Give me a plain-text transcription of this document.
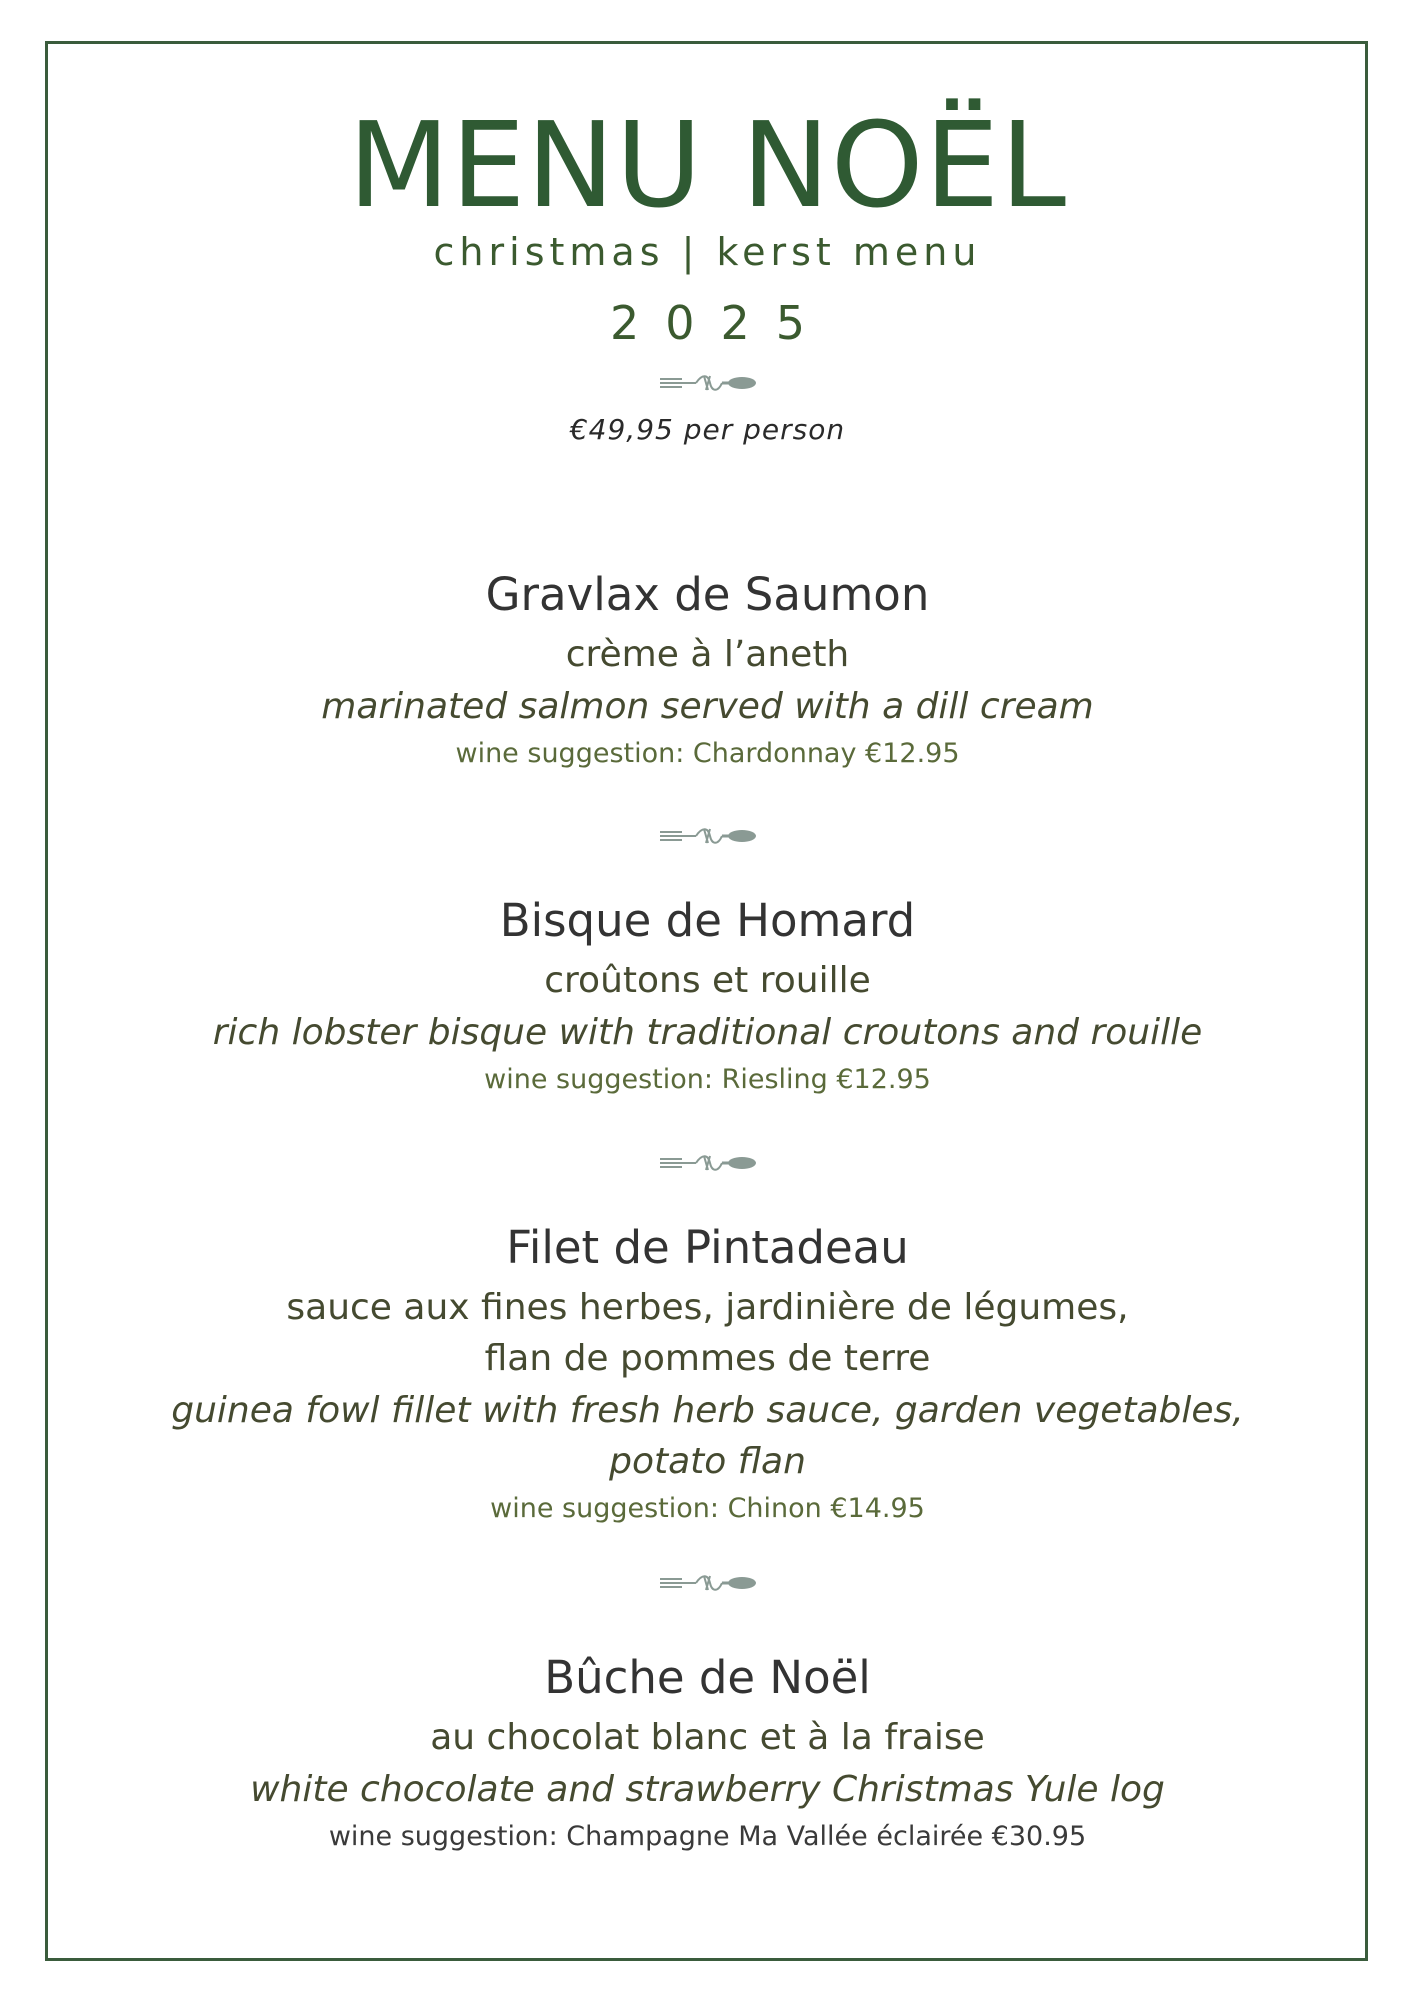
MENU NOËL
christmas | kerst menu
2025
€49,95 per person
Gravlax de Saumon
crème à l’aneth
marinated salmon served with a dill cream
wine suggestion: Chardonnay €12.95
Bisque de Homard
croûtons et rouille
rich lobster bisque with traditional croutons and rouille
wine suggestion: Riesling €12.95
Filet de Pintadeau
sauce aux fines herbes, jardinière de légumes,
flan de pommes de terre
guinea fowl fillet with fresh herb sauce, garden vegetables,
potato flan
wine suggestion: Chinon €14.95
Bûche de Noël
au chocolat blanc et à la fraise
white chocolate and strawberry Christmas Yule log
wine suggestion: Champagne Ma Vallée éclairée €30.95
